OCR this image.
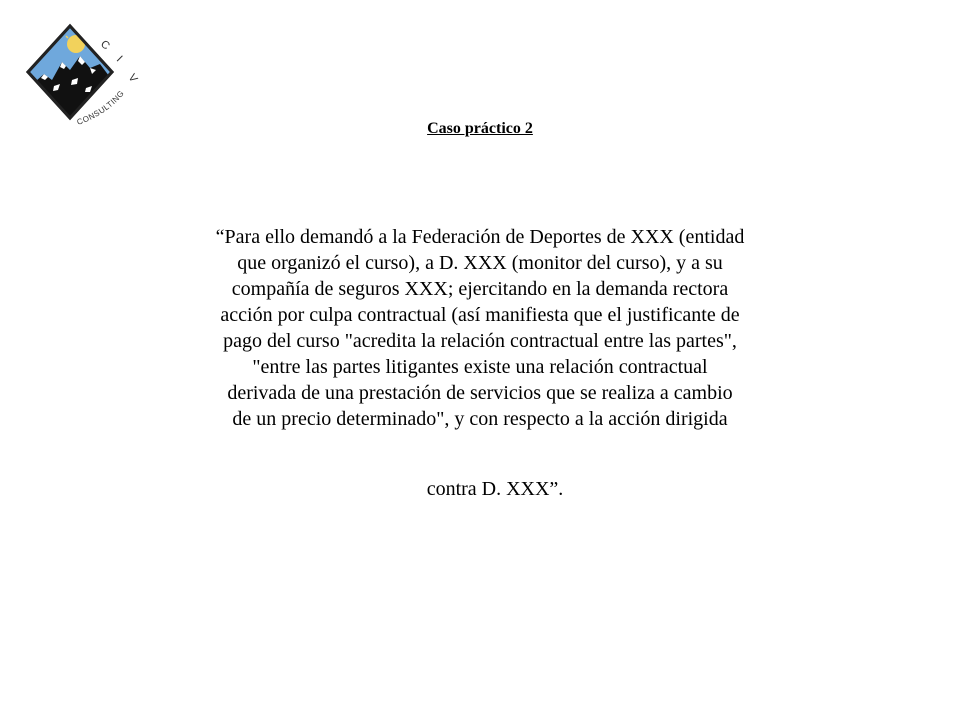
C
I
V
CONSULTING
Caso práctico 2
“Para ello demandó a la Federación de Deportes de XXX (entidad
que organizó el curso), a D. XXX (monitor del curso), y a su
compañía de seguros XXX; ejercitando en la demanda rectora
acción por culpa contractual (así manifiesta que el justificante de
pago del curso "acredita la relación contractual entre las partes",
"entre las partes litigantes existe una relación contractual
derivada de una prestación de servicios que se realiza a cambio
de un precio determinado", y con respecto a la acción dirigida
contra D. XXX”.
